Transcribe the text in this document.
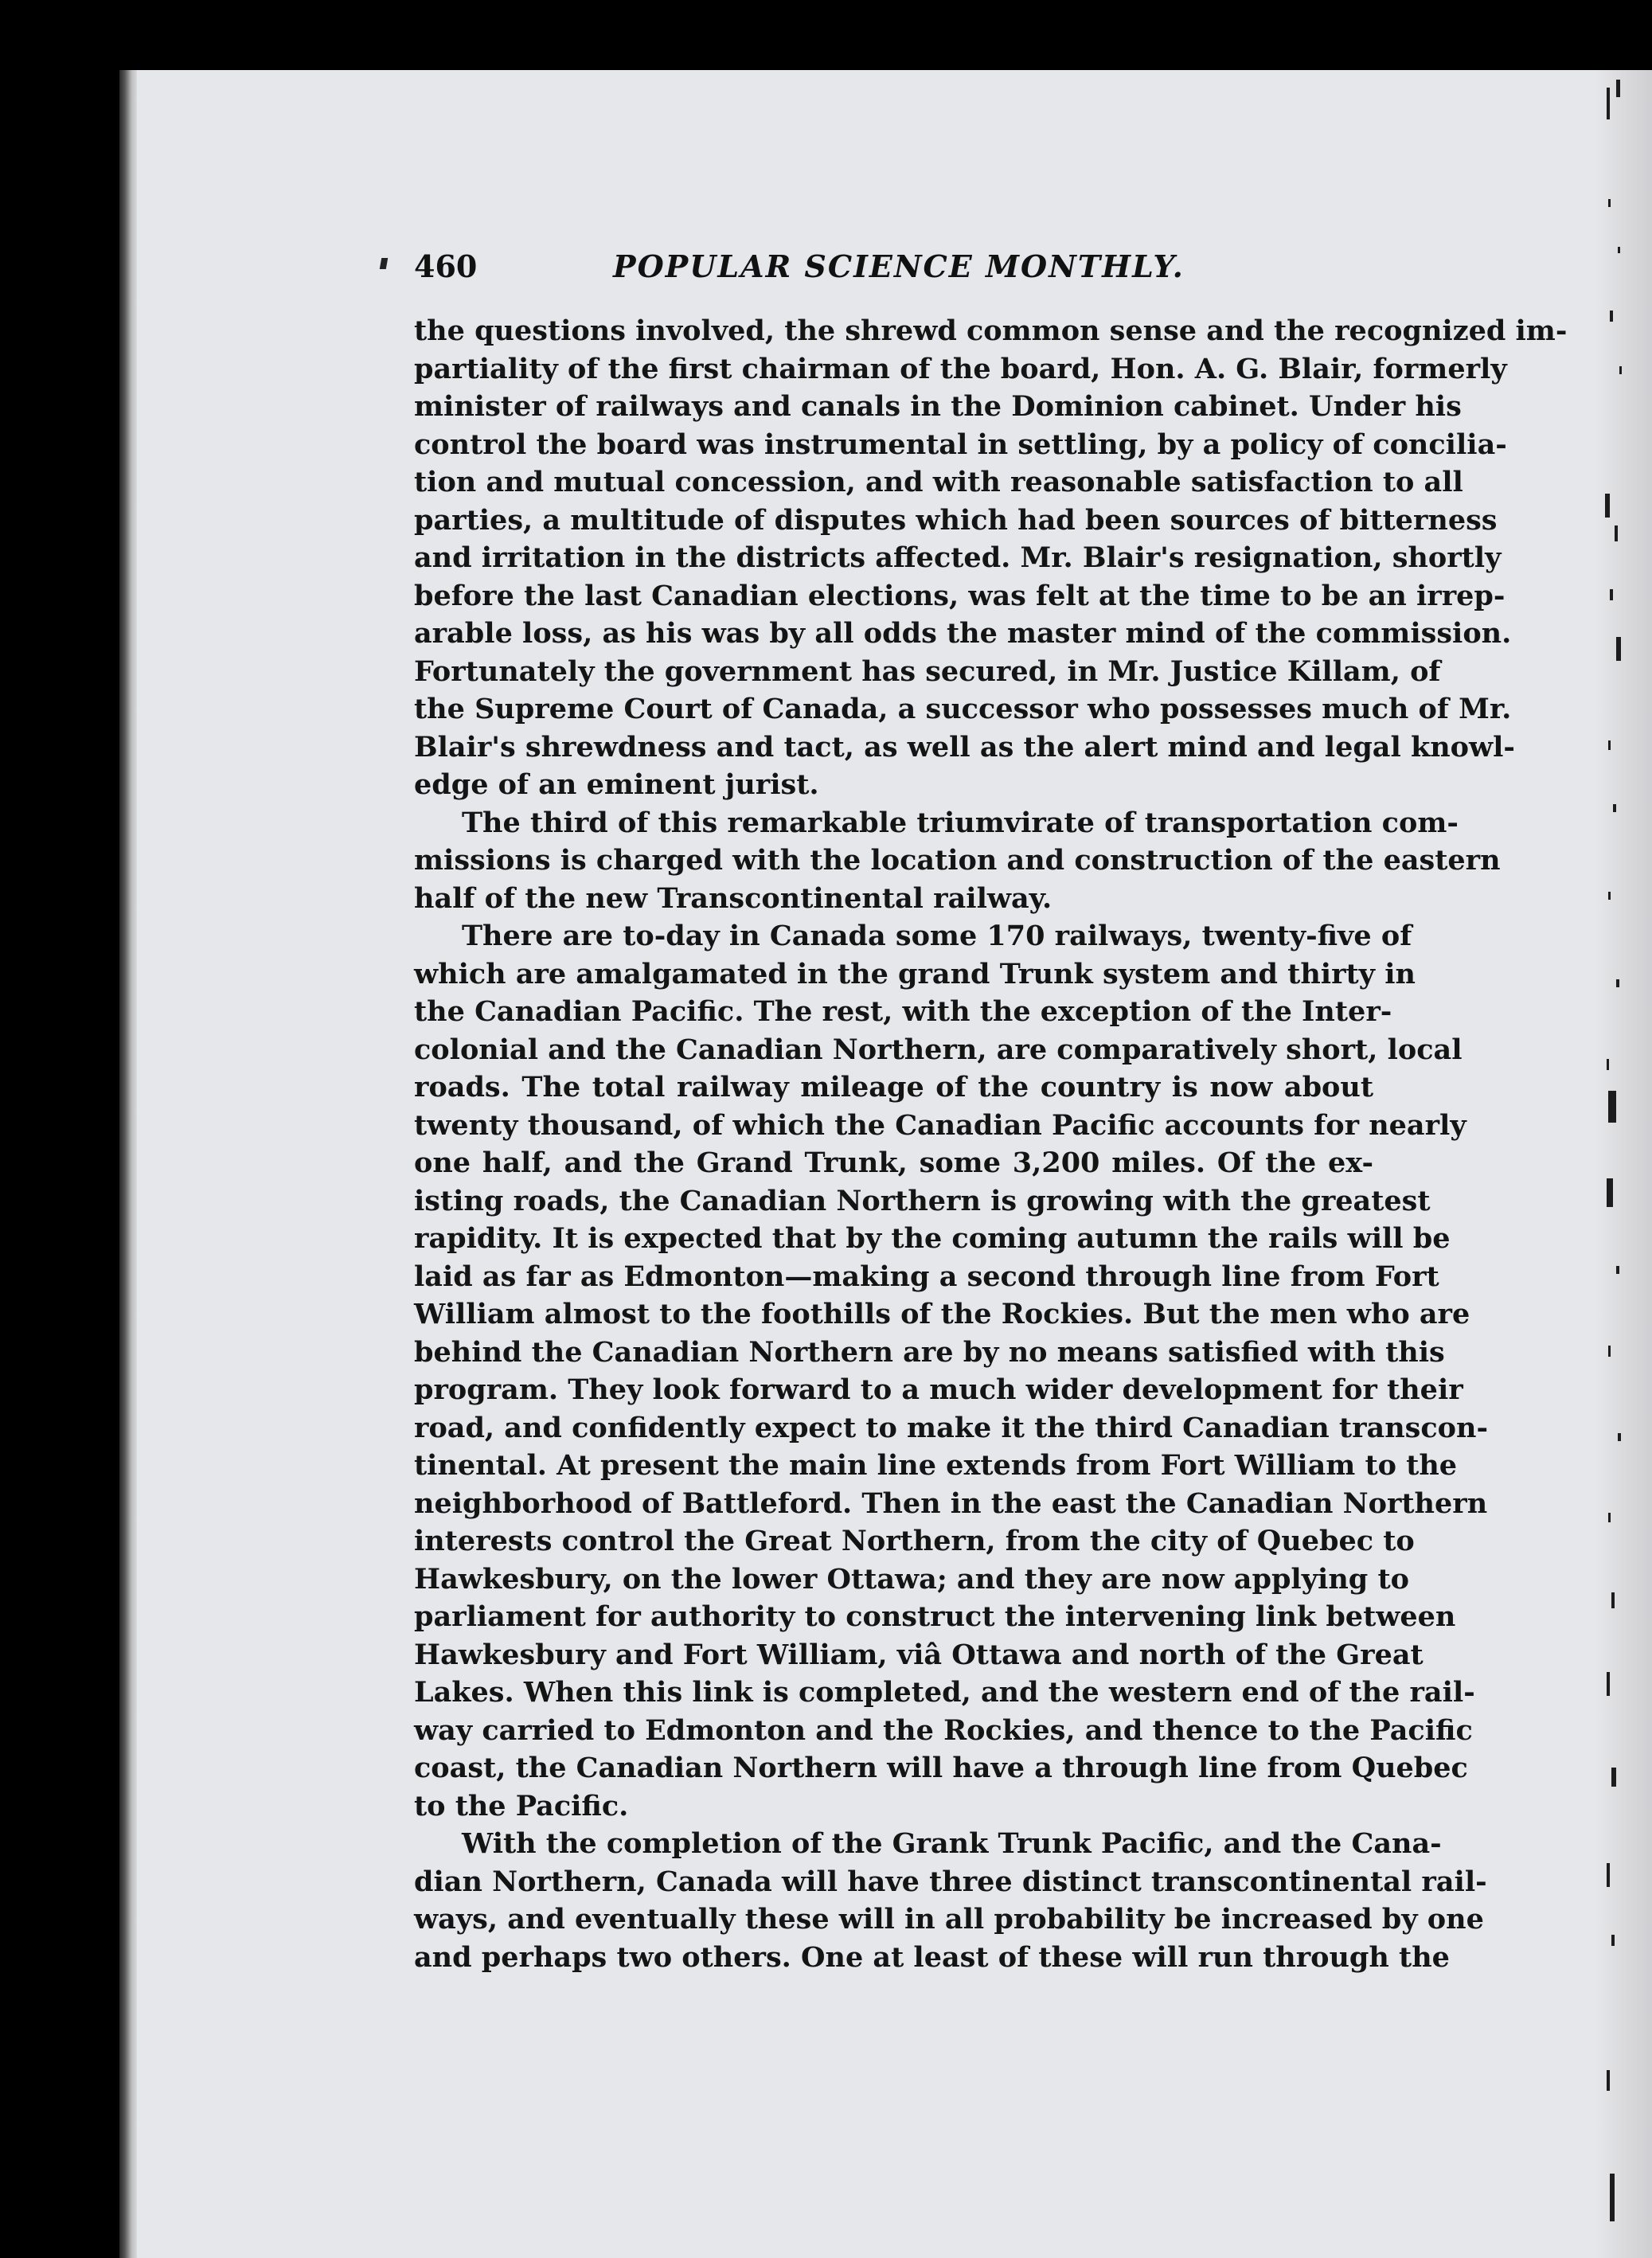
460	POPULAR SCIENCE MONTHLY.
the questions involved, the shrewd common sense and the recognized im-
partiality of the first chairman of the board, Hon. A. G. Blair, formerly
minister of railways and canals in the Dominion cabinet. Under his
control the board was instrumental in settling, by a policy of concilia-
tion and mutual concession, and with reasonable satisfaction to all
parties, a multitude of disputes which had been sources of bitterness
and irritation in the districts affected. Mr. Blair's resignation, shortly
before the last Canadian elections, was felt at the time to be an irrep-
arable loss, as his was by all odds the master mind of the commission.
Fortunately the government has secured, in Mr. Justice Killam, of
the Supreme Court of Canada, a successor who possesses much of Mr.
Blair's shrewdness and tact, as well as the alert mind and legal knowl-
edge of an eminent jurist.
The third of this remarkable triumvirate of transportation com-
missions is charged with the location and construction of the eastern
half of the new Transcontinental railway.
There are to-day in Canada some 170 railways, twenty-five of
which are amalgamated in the grand Trunk system and thirty in
the Canadian Pacific. The rest, with the exception of the Inter-
colonial and the Canadian Northern, are comparatively short, local
roads. The total railway mileage of the country is now about
twenty thousand, of which the Canadian Pacific accounts for nearly
one half, and the Grand Trunk, some 3,200 miles. Of the ex-
isting roads, the Canadian Northern is growing with the greatest
rapidity. It is expected that by the coming autumn the rails will be
laid as far as Edmonton—making a second through line from Fort
William almost to the foothills of the Rockies. But the men who are
behind the Canadian Northern are by no means satisfied with this
program. They look forward to a much wider development for their
road, and confidently expect to make it the third Canadian transcon-
tinental. At present the main line extends from Fort William to the
neighborhood of Battleford. Then in the east the Canadian Northern
interests control the Great Northern, from the city of Quebec to
Hawkesbury, on the lower Ottawa; and they are now applying to
parliament for authority to construct the intervening link between
Hawkesbury and Fort William, viâ Ottawa and north of the Great
Lakes. When this link is completed, and the western end of the rail-
way carried to Edmonton and the Rockies, and thence to the Pacific
coast, the Canadian Northern will have a through line from Quebec
to the Pacific.
With the completion of the Grank Trunk Pacific, and the Cana-
dian Northern, Canada will have three distinct transcontinental rail-
ways, and eventually these will in all probability be increased by one
and perhaps two others. One at least of these will run through the
